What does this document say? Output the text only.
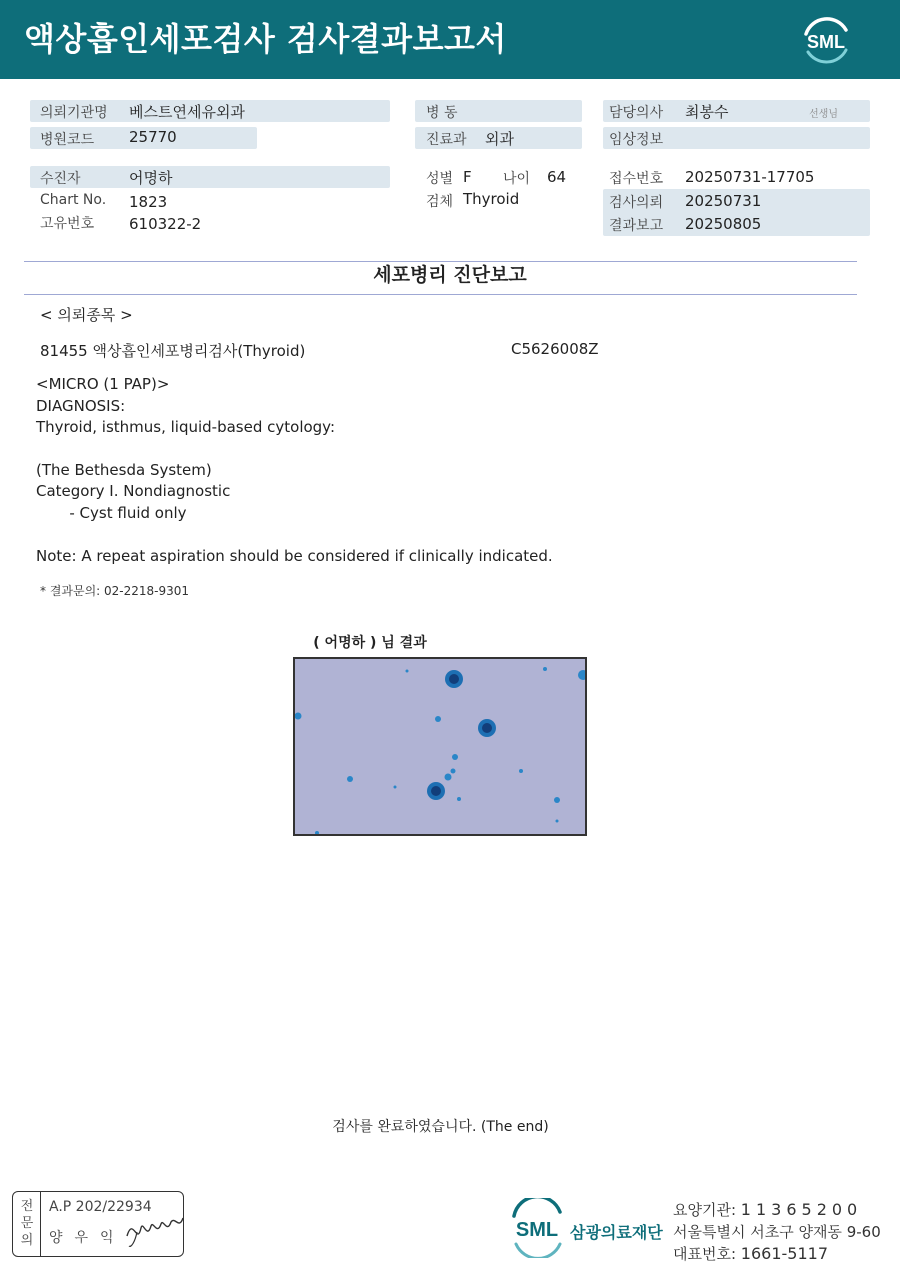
액상흡인세포검사 검사결과보고서	SML
의뢰기관명 베스트연세유외과
병원코드 25770
수진자	어명하
Chart No. 1823
고유번호 610322-2
병 동
진료과 외과
성별 F 나이 64
검체 Thyroid
담당의사 최봉수	선생님
임상정보
접수번호 20250731-17705
검사의뢰 20250731
결과보고 20250805
세포병리 진단보고
< 의뢰종목 >
81455 액상흡인세포병리검사(Thyroid)	C5626008Z
<MICRO (1 PAP)>
DIAGNOSIS:
Thyroid, isthmus, liquid-based cytology:
(The Bethesda System)
Category I. Nondiagnostic
- Cyst fluid only
Note: A repeat aspiration should be considered if clinically indicated.
* 결과문의: 02-2218-9301
( 어명하 ) 님 결과
검사를 완료하였습니다. (The end)
전문의
A.P 202/22934
양우익	SML 삼광의료재단
요양기관: 11365200
서울특별시 서초구 양재동 9-60
대표번호: 1661-5117
